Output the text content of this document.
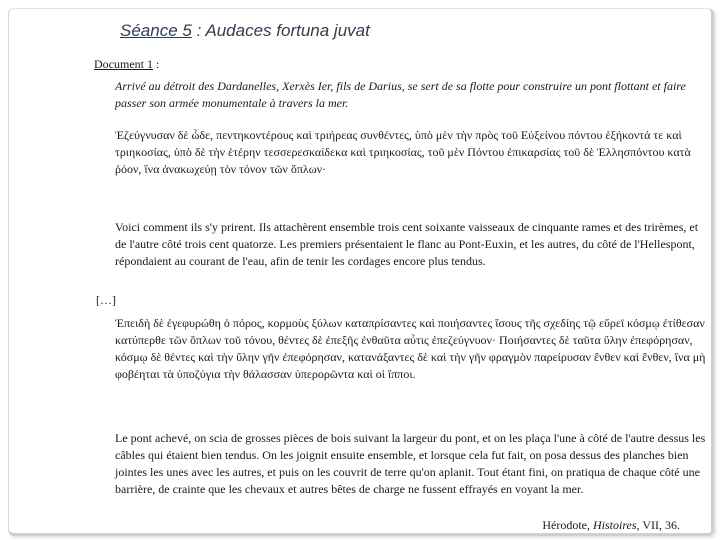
Séance 5 : Audaces fortuna juvat
Document 1 :
Arrivé au détroit des Dardanelles, Xerxès Ier, fils de Darius, se sert de sa flotte pour construire un pont flottant et faire passer son armée monumentale à travers la mer.
Ἐζεύγνυσαν δὲ ὧδε, πεντηκοντέρους καὶ τριήρεας συνθέντες, ὑπὸ μὲν τὴν πρὸς τοῦ Εὐξείνου πόντου ἑξήκοντά τε καὶ τριηκοσίας, ὑπὸ δὲ τὴν ἑτέρην τεσσερεσκαίδεκα καὶ τριηκοσίας, τοῦ μὲν Πόντου ἐπικαρσίας τοῦ δὲ Ἑλλησπόντου κατὰ ῥόον, ἵνα ἀνακωχεύῃ τὸν τόνον τῶν ὅπλων·
Voici comment ils s'y prirent. Ils attachèrent ensemble trois cent soixante vaisseaux de cinquante rames et des trirèmes, et de l'autre côté trois cent quatorze. Les premiers présentaient le flanc au Pont-Euxin, et les autres, du côté de l'Hellespont, répondaient au courant de l'eau, afin de tenir les cordages encore plus tendus.
[…]
Ἐπειδὴ δὲ ἐγεφυρώθη ὁ πόρος, κορμοὺς ξύλων καταπρίσαντες καὶ ποιήσαντες ἴσους τῆς σχεδίης τῷ εὔρεϊ κόσμῳ ἐτίθεσαν κατύπερθε τῶν ὅπλων τοῦ τόνου, θέντες δὲ ἐπεξῆς ἐνθαῦτα αὖτις ἐπεζεύγνυον· Ποιήσαντες δὲ ταῦτα ὕλην ἐπεφόρησαν, κόσμῳ δὲ θέντες καὶ τὴν ὕλην γῆν ἐπεφόρησαν, κατανάξαντες δὲ καὶ τὴν γῆν φραγμὸν παρείρυσαν ἔνθεν καὶ ἔνθεν, ἵνα μὴ φοβέηται τὰ ὑποζύγια τὴν θάλασσαν ὑπερορῶντα καὶ οἱ ἵπποι.
Le pont achevé, on scia de grosses pièces de bois suivant la largeur du pont, et on les plaça l'une à côté de l'autre dessus les câbles qui étaient bien tendus. On les joignit ensuite ensemble, et lorsque cela fut fait, on posa dessus des planches bien jointes les unes avec les autres, et puis on les couvrit de terre qu'on aplanit. Tout étant fini, on pratiqua de chaque côté une barrière, de crainte que les chevaux et autres bêtes de charge ne fussent effrayés en voyant la mer.
Hérodote, Histoires, VII, 36.
